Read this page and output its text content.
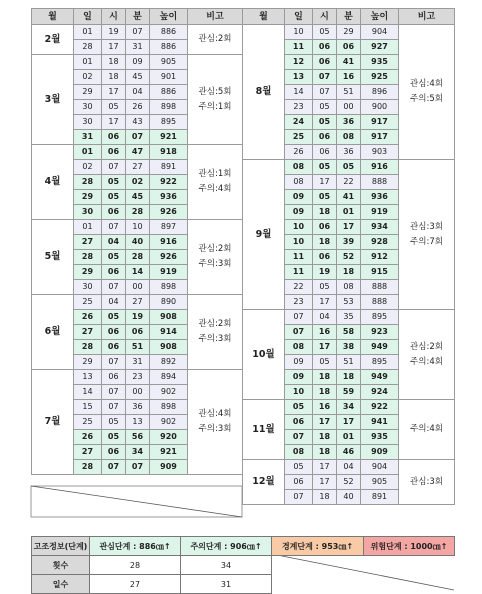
월	일	시	분	높이	비고
2월	01	19	07	886	관심:2회

	28	17	31	886	
3월	01	18	09	905	관심:5회
주의:1회

	02	18	45	901	
	29	17	04	886	
	30	05	26	898	
	30	17	43	895	
	31	06	07	921	
4월	01	06	47	918	관심:1회
주의:4회

	02	07	27	891	
	28	05	02	922	
	29	05	45	936	
	30	06	28	926	
5월	01	07	10	897	관심:2회
주의:3회

	27	04	40	916	
	28	05	28	926	
	29	06	14	919	
	30	07	00	898	
6월	25	04	27	890	관심:2회
주의:3회

	26	05	19	908	
	27	06	06	914	
	28	06	51	908	
	29	07	31	892	
7월	13	06	23	894	관심:4회
주의:3회

	14	07	00	902	
	15	07	36	898	
	25	05	13	902	
	26	05	56	920	
	27	06	34	921	
	28	07	07	909	
월	일	시	분	높이	비고
8월	10	05	29	904	관심:4회
주의:5회

	11	06	06	927	
	12	06	41	935	
	13	07	16	925	
	14	07	51	896	
	23	05	00	900	
	24	05	36	917	
	25	06	08	917	
	26	06	36	903	
9월	08	05	05	916	관심:3회
주의:7회

	08	17	22	888	
	09	05	41	936	
	09	18	01	919	
	10	06	17	934	
	10	18	39	928	
	11	06	52	912	
	11	19	18	915	
	22	05	08	888	
	23	17	53	888	
10월	07	04	35	895	관심:2회
주의:4회

	07	16	58	923	
	08	17	38	949	
	09	05	51	895	
	09	18	18	949	
	10	18	59	924	
11월	05	16	34	922	주의:4회

	06	17	17	941	
	07	18	01	935	
	08	18	46	909	
12월	05	17	04	904	관심:3회

	06	17	52	905	
	07	18	40	891	
고조정보(단계)	관심단계 : 886㎝↑	주의단계 : 906㎝↑	경계단계 : 953㎝↑	위험단계 : 1000㎝↑
횟수	28	34		
일수	27	31		
